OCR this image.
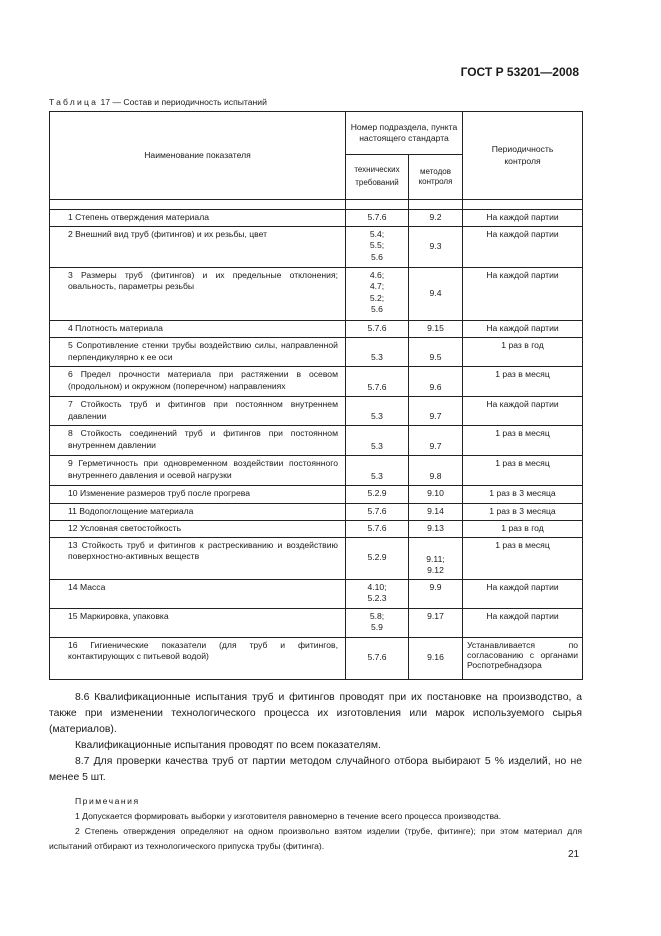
ГОСТ Р 53201—2008
Таблица 17 — Состав и периодичность испытаний
Наименование показателя	Номер подраздела, пункта настоящего стандарта		Периодичность контроля
	технических требований	методов контроля	

1 Степень отверждения материала	5.7.6	9.2	На каждой партии

2 Внешний вид труб (фитингов) и их резьбы, цвет	5.4; 5.5; 5.6	9.3	На каждой партии

3 Размеры труб (фитингов) и их предельные отклонения; овальность, параметры резьбы	4.6; 4.7; 5.2; 5.6	9.4	На каждой партии

4 Плотность материала	5.7.6	9.15	На каждой партии

5 Сопротивление стенки трубы воздействию силы, направленной перпендикулярно к ее оси	5.3	9.5	1 раз в год

6 Предел прочности материала при растяжении в осевом (продольном) и окружном (поперечном) направлениях	5.7.6	9.6	1 раз в месяц

7 Стойкость труб и фитингов при постоянном внутреннем давлении	5.3	9.7	На каждой партии

8 Стойкость соединений труб и фитингов при постоянном внутреннем давлении	5.3	9.7	1 раз в месяц

9 Герметичность при одновременном воздействии постоянного внутреннего давления и осевой нагрузки	5.3	9.8	1 раз в месяц

10 Изменение размеров труб после прогрева	5.2.9	9.10	1 раз в 3 месяца

11 Водопоглощение материала	5.7.6	9.14	1 раз в 3 месяца

12 Условная светостойкость	5.7.6	9.13	1 раз в год

13 Стойкость труб и фитингов к растрескиванию и воздействию поверхностно-активных веществ	5.2.9	9.11; 9.12	1 раз в месяц

14 Масса	4.10; 5.2.3	9.9	На каждой партии

15 Маркировка, упаковка	5.8; 5.9	9.17	На каждой партии

16 Гигиенические показатели (для труб и фитингов, контактирующих с питьевой водой)	5.7.6	9.16	Устанавливается по согласованию с органами Роспотребнадзора

8.6 Квалификационные испытания труб и фитингов проводят при их постановке на производство, а также при изменении технологического процесса их изготовления или марок используемого сырья (материалов).

Квалификационные испытания проводят по всем показателям.

8.7 Для проверки качества труб от партии методом случайного отбора выбирают 5 % изделий, но не менее 5 шт.

Примечания

1 Допускается формировать выборки у изготовителя равномерно в течение всего процесса производства.

2 Степень отверждения определяют на одном произвольно взятом изделии (трубе, фитинге); при этом материал для испытаний отбирают из технологического припуска трубы (фитинга).

21
